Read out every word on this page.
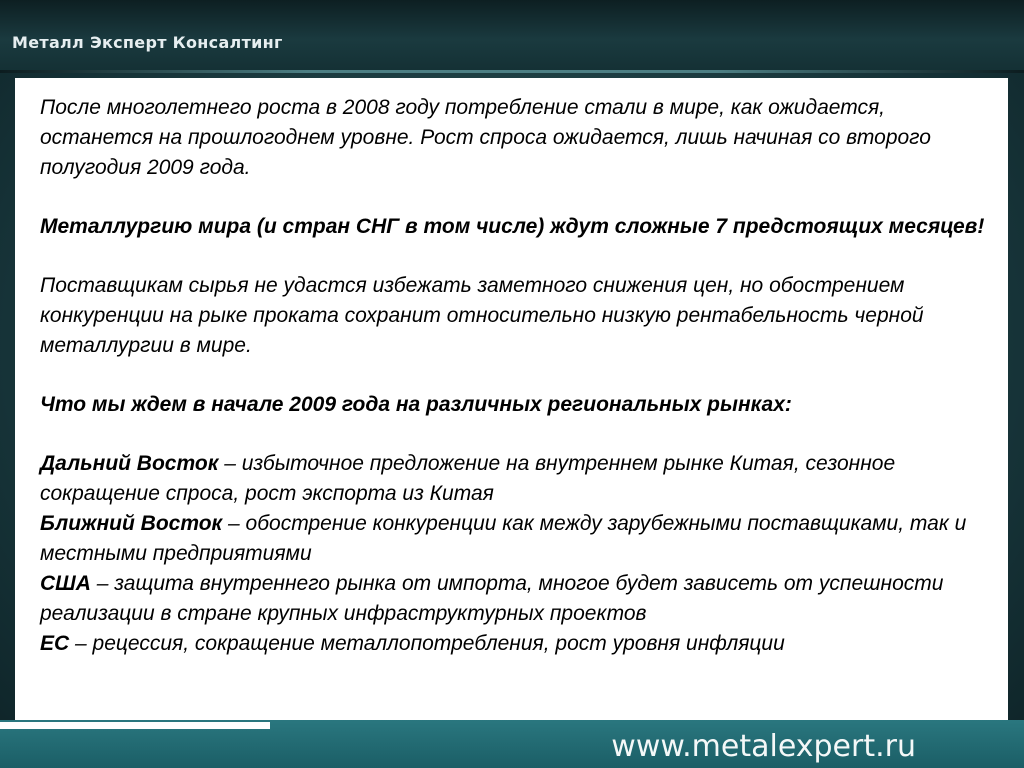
Металл Эксперт Консалтинг

После многолетнего роста в 2008 году потребление стали в мире, как ожидается, останется на прошлогоднем уровне. Рост спроса ожидается, лишь начиная со второго полугодия 2009 года.

Металлургию мира (и стран СНГ в том числе) ждут сложные 7 предстоящих месяцев!

Поставщикам сырья не удастся избежать заметного снижения цен, но обострением конкуренции на рыке проката сохранит относительно низкую рентабельность черной металлургии в мире.

Что мы ждем в начале 2009 года на различных региональных рынках:

Дальний Восток – избыточное предложение на внутреннем рынке Китая, сезонное сокращение спроса, рост экспорта из Китая

Ближний Восток – обострение конкуренции как между зарубежными поставщиками, так и местными предприятиями

США – защита внутреннего рынка от импорта, многое будет зависеть от успешности реализации в стране крупных инфраструктурных проектов

ЕС – рецессия, сокращение металлопотребления, рост уровня инфляции

www.metalexpert.ru
